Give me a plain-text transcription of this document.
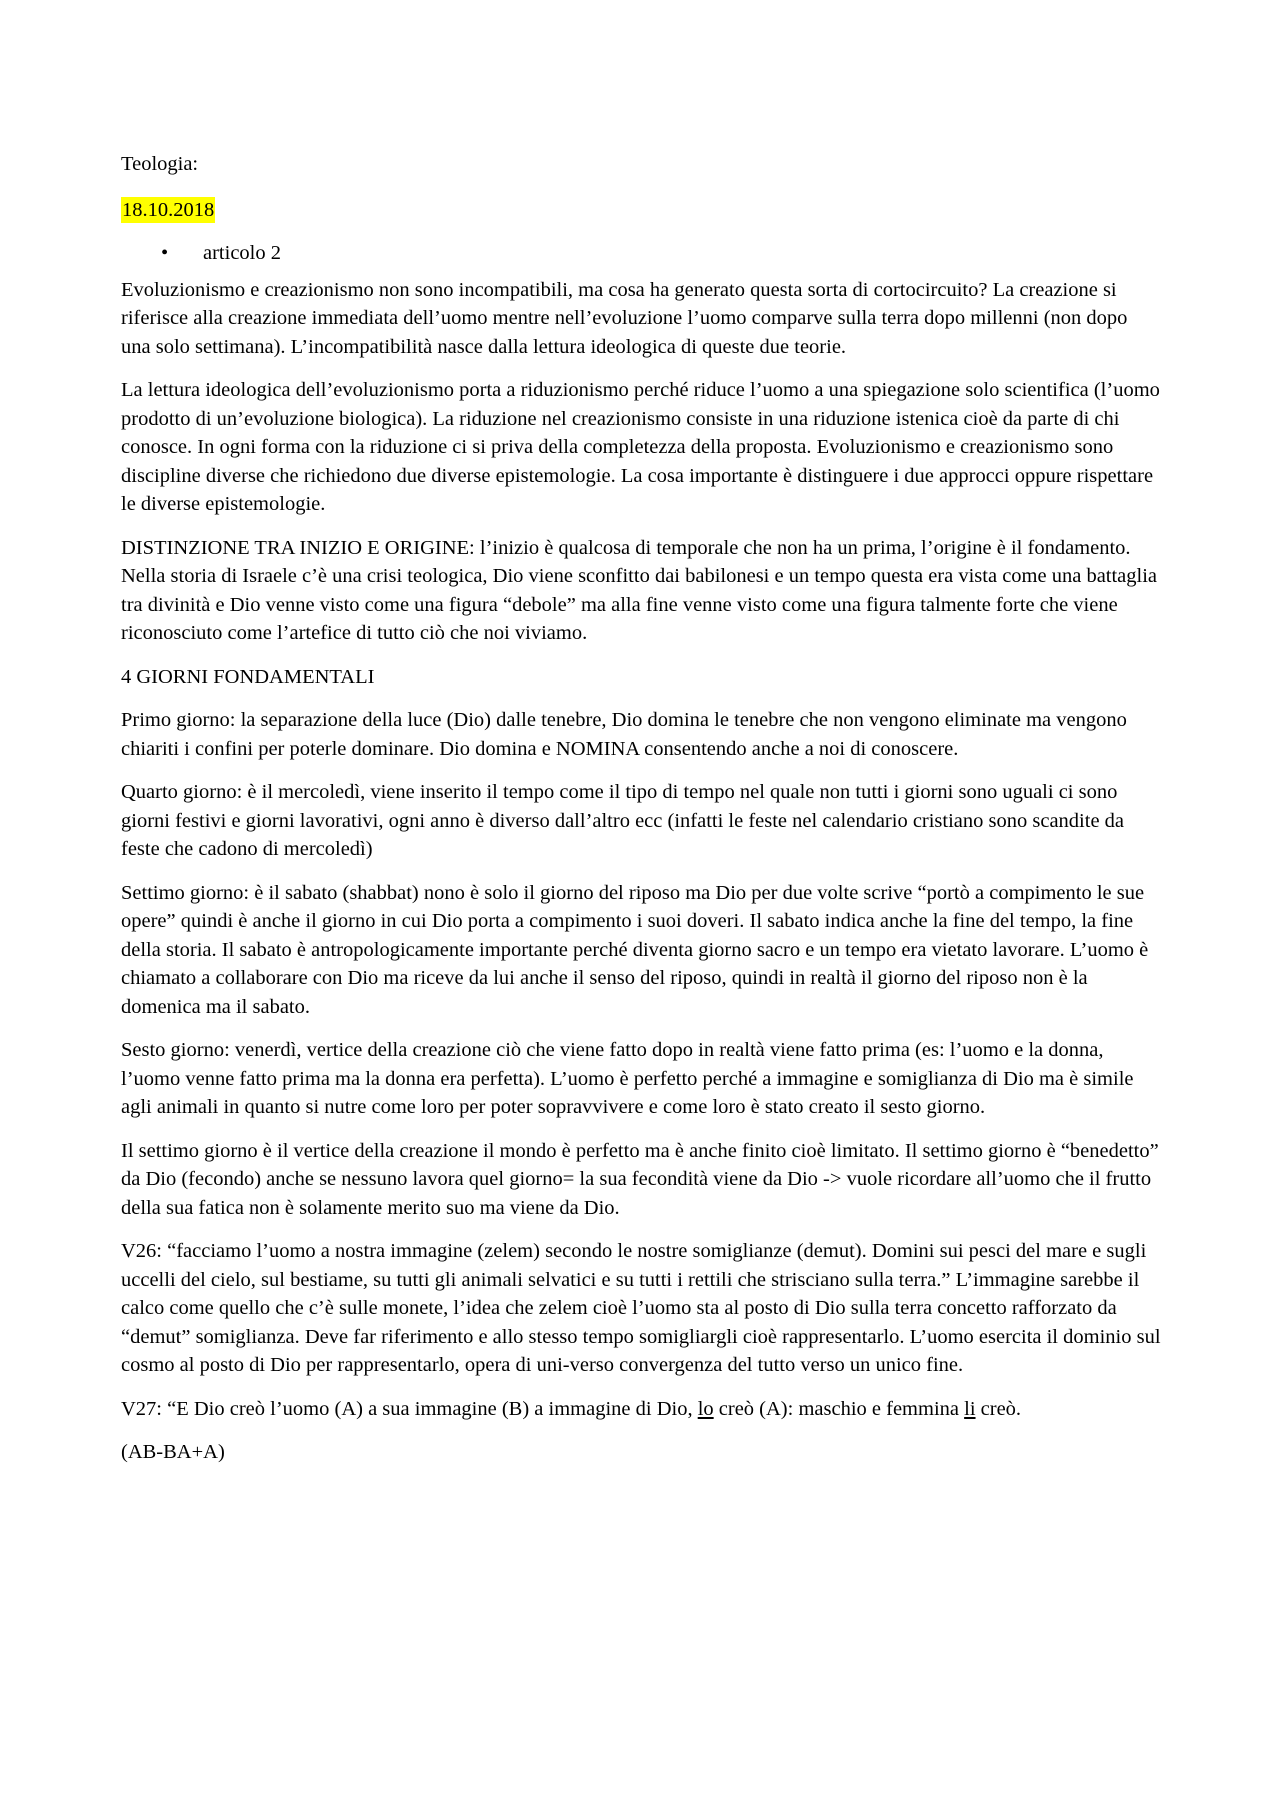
Teologia:

18.10.2018

• articolo 2

Evoluzionismo e creazionismo non sono incompatibili, ma cosa ha generato questa sorta di cortocircuito? La creazione si riferisce alla creazione immediata dell’uomo mentre nell’evoluzione l’uomo comparve sulla terra dopo millenni (non dopo una solo settimana). L’incompatibilità nasce dalla lettura ideologica di queste due teorie.

La lettura ideologica dell’evoluzionismo porta a riduzionismo perché riduce l’uomo a una spiegazione solo scientifica (l’uomo prodotto di un’evoluzione biologica). La riduzione nel creazionismo consiste in una riduzione istenica cioè da parte di chi conosce. In ogni forma con la riduzione ci si priva della completezza della proposta. Evoluzionismo e creazionismo sono discipline diverse che richiedono due diverse epistemologie. La cosa importante è distinguere i due approcci oppure rispettare le diverse epistemologie.

DISTINZIONE TRA INIZIO E ORIGINE: l’inizio è qualcosa di temporale che non ha un prima, l’origine è il fondamento. Nella storia di Israele c’è una crisi teologica, Dio viene sconfitto dai babilonesi e un tempo questa era vista come una battaglia tra divinità e Dio venne visto come una figura “debole” ma alla fine venne visto come una figura talmente forte che viene riconosciuto come l’artefice di tutto ciò che noi viviamo.

4 GIORNI FONDAMENTALI

Primo giorno: la separazione della luce (Dio) dalle tenebre, Dio domina le tenebre che non vengono eliminate ma vengono chiariti i confini per poterle dominare. Dio domina e NOMINA consentendo anche a noi di conoscere.

Quarto giorno: è il mercoledì, viene inserito il tempo come il tipo di tempo nel quale non tutti i giorni sono uguali ci sono giorni festivi e giorni lavorativi, ogni anno è diverso dall’altro ecc (infatti le feste nel calendario cristiano sono scandite da feste che cadono di mercoledì)

Settimo giorno: è il sabato (shabbat) nono è solo il giorno del riposo ma Dio per due volte scrive “portò a compimento le sue opere” quindi è anche il giorno in cui Dio porta a compimento i suoi doveri. Il sabato indica anche la fine del tempo, la fine della storia. Il sabato è antropologicamente importante perché diventa giorno sacro e un tempo era vietato lavorare. L’uomo è chiamato a collaborare con Dio ma riceve da lui anche il senso del riposo, quindi in realtà il giorno del riposo non è la domenica ma il sabato.

Sesto giorno: venerdì, vertice della creazione ciò che viene fatto dopo in realtà viene fatto prima (es: l’uomo e la donna, l’uomo venne fatto prima ma la donna era perfetta). L’uomo è perfetto perché a immagine e somiglianza di Dio ma è simile agli animali in quanto si nutre come loro per poter sopravvivere e come loro è stato creato il sesto giorno.

Il settimo giorno è il vertice della creazione il mondo è perfetto ma è anche finito cioè limitato. Il settimo giorno è “benedetto” da Dio (fecondo) anche se nessuno lavora quel giorno= la sua fecondità viene da Dio -> vuole ricordare all’uomo che il frutto della sua fatica non è solamente merito suo ma viene da Dio.

V26: “facciamo l’uomo a nostra immagine (zelem) secondo le nostre somiglianze (demut). Domini sui pesci del mare e sugli uccelli del cielo, sul bestiame, su tutti gli animali selvatici e su tutti i rettili che strisciano sulla terra.” L’immagine sarebbe il calco come quello che c’è sulle monete, l’idea che zelem cioè l’uomo sta al posto di Dio sulla terra concetto rafforzato da “demut” somiglianza. Deve far riferimento e allo stesso tempo somigliargli cioè rappresentarlo. L’uomo esercita il dominio sul cosmo al posto di Dio per rappresentarlo, opera di uni-verso convergenza del tutto verso un unico fine.

V27: “E Dio creò l’uomo (A) a sua immagine (B) a immagine di Dio, lo creò (A): maschio e femmina li creò.

(AB-BA+A)
